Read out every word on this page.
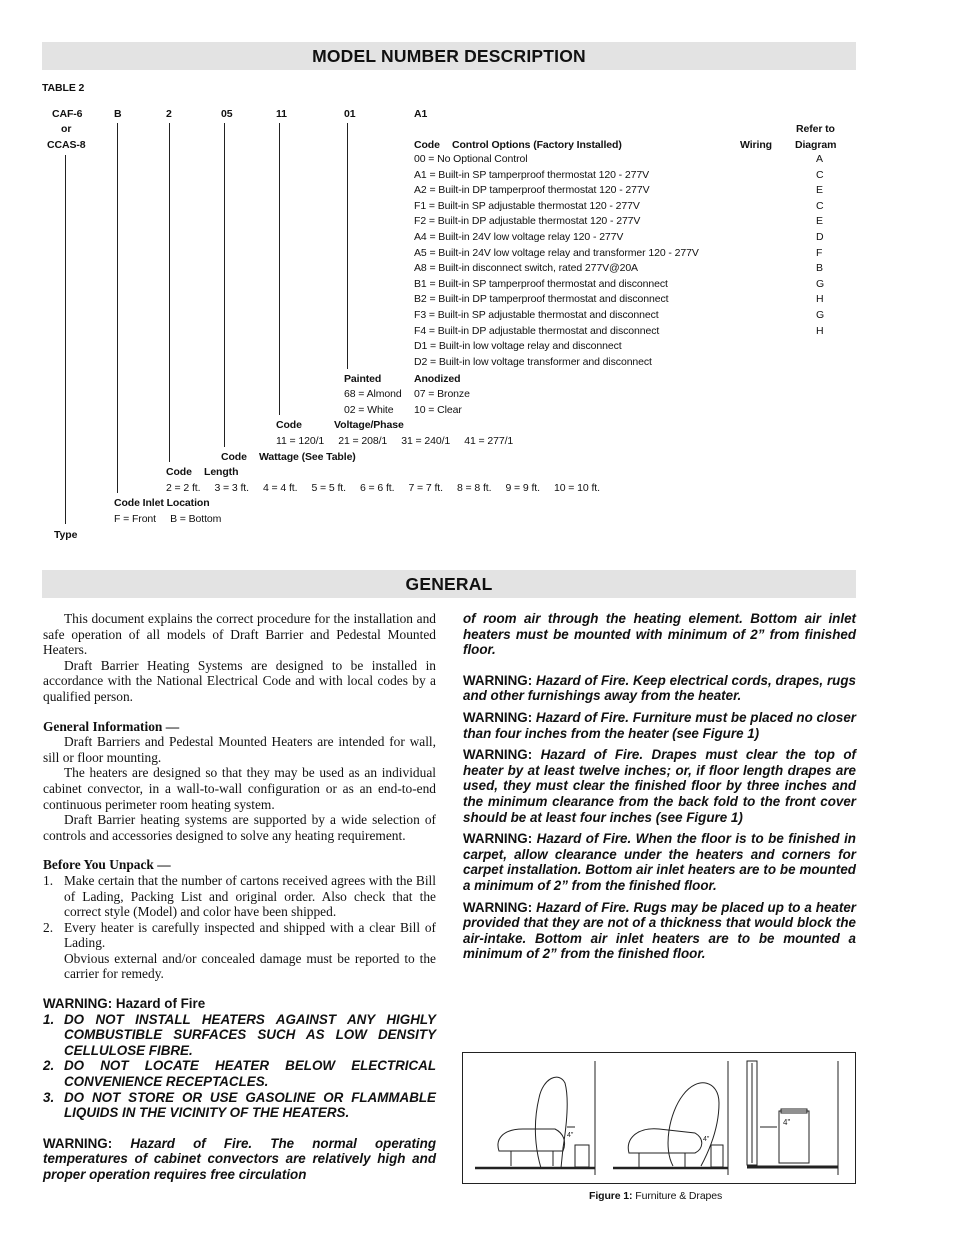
MODEL NUMBER DESCRIPTION
TABLE 2
CAF-6
or
CCAS-8
B	2	05	11	01	A1
Refer to
Code Control Options (Factory Installed)	Wiring Diagram
00 = No Optional Control	A
A1 = Built-in SP tamperproof thermostat 120 - 277V	C
A2 = Built-in DP tamperproof thermostat 120 - 277V	E
F1 = Built-in SP adjustable thermostat 120 - 277V	C
F2 = Built-in DP adjustable thermostat 120 - 277V	E
A4 = Built-in 24V low voltage relay 120 - 277V	D
A5 = Built-in 24V low voltage relay and transformer 120 - 277V	F
A8 = Built-in disconnect switch, rated 277V@20A	B
B1 = Built-in SP tamperproof thermostat and disconnect	G
B2 = Built-in DP tamperproof thermostat and disconnect	H
F3 = Built-in SP adjustable thermostat and disconnect	G
F4 = Built-in DP adjustable thermostat and disconnect	H
D1 = Built-in low voltage relay and disconnect
D2 = Built-in low voltage transformer and disconnect
Painted	Anodized
68 = Almond 07 = Bronze
02 = White 10 = Clear
Code	Voltage/Phase
11 = 120/1     21 = 208/1     31 = 240/1     41 = 277/1
Code Wattage (See Table)
Code Length
2 = 2 ft.     3 = 3 ft.     4 = 4 ft.     5 = 5 ft.     6 = 6 ft.     7 = 7 ft.     8 = 8 ft.     9 = 9 ft.     10 = 10 ft.
Code Inlet Location
F = Front     B = Bottom
Type
GENERAL

This document explains the correct procedure for the installation and safe operation of all models of Draft Barrier and Pedestal Mounted Heaters.

Draft Barrier Heating Systems are designed to be installed in accordance with the National Electrical Code and with local codes by a qualified person.

General Information —

Draft Barriers and Pedestal Mounted Heaters are intended for wall, sill or floor mounting.

The heaters are designed so that they may be used as an individual cabinet convector, in a wall-to-wall configuration or as an end-to-end continuous perimeter room heating system.

Draft Barrier heating systems are supported by a wide selection of controls and accessories designed to solve any heating requirement.

Before You Unpack —

1. Make certain that the number of cartons received agrees with the Bill of Lading, Packing List and original order. Also check that the correct style (Model) and color have been shipped.
2. Every heater is carefully inspected and shipped with a clear Bill of Lading.
Obvious external and/or concealed damage must be reported to the carrier for remedy.
WARNING: Hazard of Fire
1. DO NOT INSTALL HEATERS AGAINST ANY HIGHLY COMBUSTIBLE SURFACES SUCH AS LOW DENSITY CELLULOSE FIBRE.
2. DO NOT LOCATE HEATER BELOW ELECTRICAL CONVENIENCE RECEPTACLES.
3. DO NOT STORE OR USE GASOLINE OR FLAMMABLE LIQUIDS IN THE VICINITY OF THE HEATERS.

WARNING: Hazard of Fire. The normal operating temperatures of cabinet convectors are relatively high and proper operation requires free circulation

of room air through the heating element. Bottom air inlet heaters must be mounted with minimum of 2” from finished floor.

WARNING: Hazard of Fire. Keep electrical cords, drapes, rugs and other furnishings away from the heater.

WARNING: Hazard of Fire. Furniture must be placed no closer than four inches from the heater (see Figure 1)

WARNING: Hazard of Fire. Drapes must clear the top of heater by at least twelve inches; or, if floor length drapes are used, they must clear the finished floor by three inches and the minimum clearance from the back fold to the front cover should be at least four inches (see Figure 1)

WARNING: Hazard of Fire. When the floor is to be finished in carpet, allow clearance under the heaters and corners for carpet installation. Bottom air inlet heaters are to be mounted a minimum of 2” from the finished floor.

WARNING: Hazard of Fire. Rugs may be placed up to a heater provided that they are not of a thickness that would block the air-intake. Bottom air inlet heaters are to be mounted a minimum of 2” from the finished floor.

4"
4"
4"
Figure 1: Furniture & Drapes
